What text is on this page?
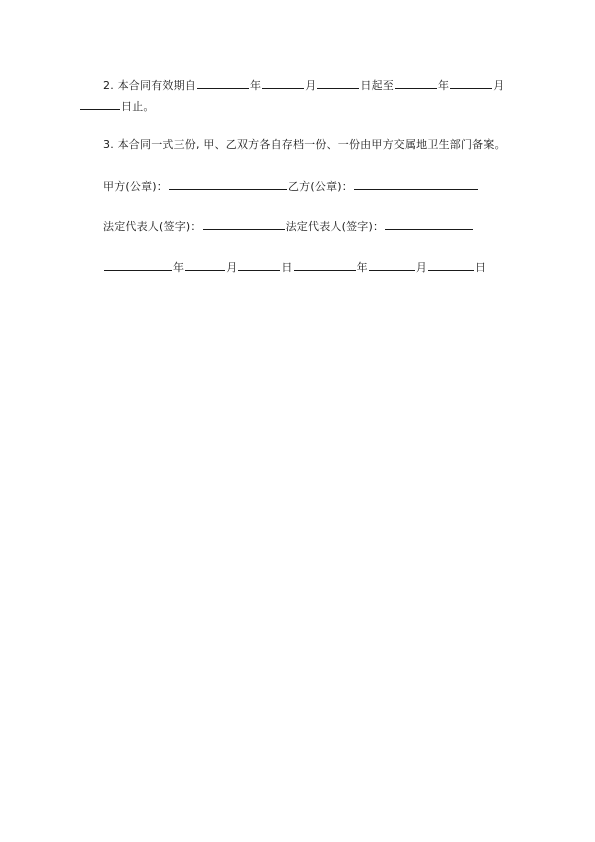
2. 本合同有效期自	年	月	日起至	年	月
日止。
3. 本合同一式三份, 甲、乙双方各自存档一份、一份由甲方交属地卫生部门备案。
甲方(公章)：	乙方(公章)：
法定代表人(签字)：	法定代表人(签字)：
年	月	日	年	月	日
